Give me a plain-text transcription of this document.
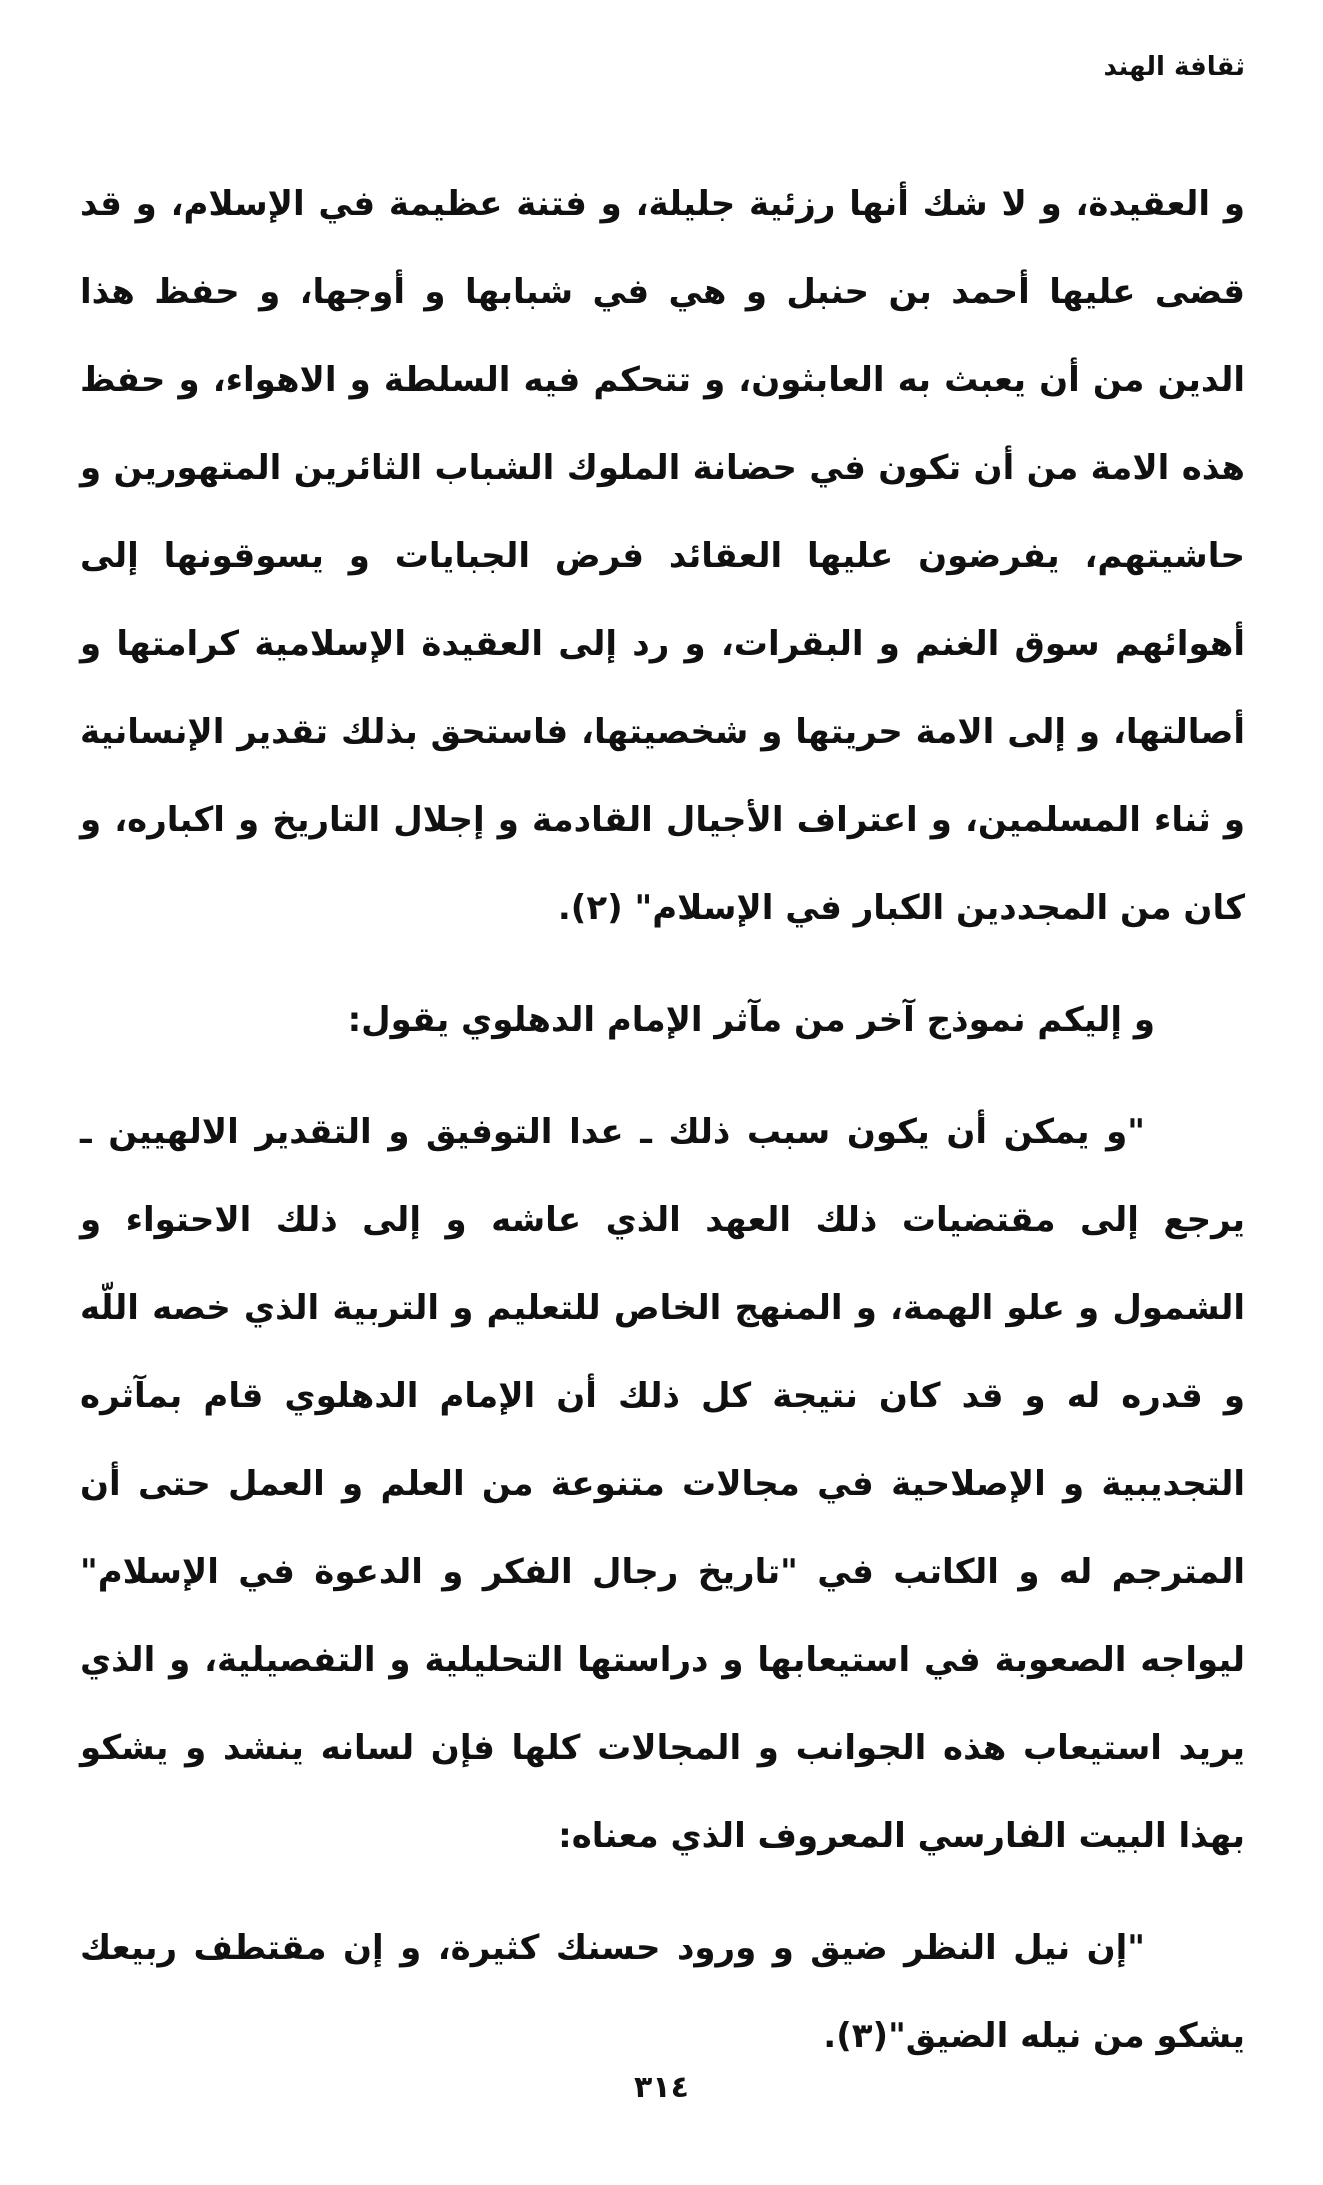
ثقافة الهند

و العقيدة، و لا شك أنها رزئية جليلة، و فتنة عظيمة في الإسلام، و قد قضى عليها أحمد بن حنبل و هي في شبابها و أوجها، و حفظ هذا الدين من أن يعبث به العابثون، و تتحكم فيه السلطة و الاهواء، و حفظ هذه الامة من أن تكون في حضانة الملوك الشباب الثائرين المتهورين و حاشيتهم، يفرضون عليها العقائد فرض الجبايات و يسوقونها إلى أهوائهم سوق الغنم و البقرات، و رد إلى العقيدة الإسلامية كرامتها و أصالتها، و إلى الامة حريتها و شخصيتها، فاستحق بذلك تقدير الإنسانية و ثناء المسلمين، و اعتراف الأجيال القادمة و إجلال التاريخ و اكباره، و كان من المجددين الكبار في الإسلام" (٢).

و إليكم نموذج آخر من مآثر الإمام الدهلوي يقول:

"و يمكن أن يكون سبب ذلك ـ عدا التوفيق و التقدير الالهيين ـ يرجع إلى مقتضيات ذلك العهد الذي عاشه و إلى ذلك الاحتواء و الشمول و علو الهمة، و المنهج الخاص للتعليم و التربية الذي خصه اللّه و قدره له و قد كان نتيجة كل ذلك أن الإمام الدهلوي قام بمآثره التجديبية و الإصلاحية في مجالات متنوعة من العلم و العمل حتى أن المترجم له و الكاتب في "تاريخ رجال الفكر و الدعوة في الإسلام" ليواجه الصعوبة في استيعابها و دراستها التحليلية و التفصيلية، و الذي يريد استيعاب هذه الجوانب و المجالات كلها فإن لسانه ينشد و يشكو بهذا البيت الفارسي المعروف الذي معناه:

"إن نيل النظر ضيق و ورود حسنك كثيرة، و إن مقتطف ربيعك يشكو من نيله الضيق"(٣).

٣١٤
